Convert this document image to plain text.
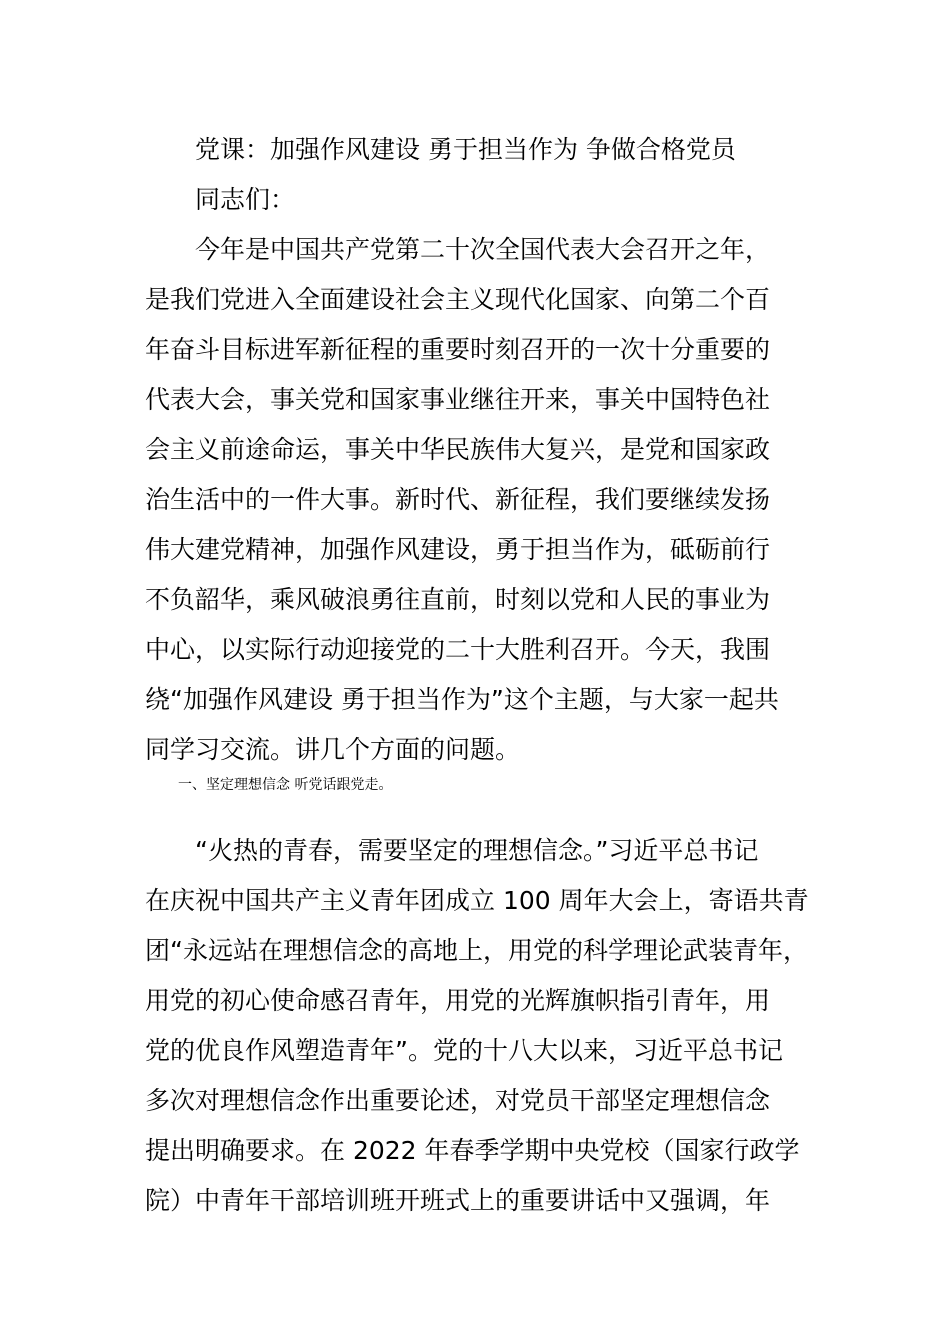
党课：加强作风建设 勇于担当作为 争做合格党员
同志们：
今年是中国共产党第二十次全国代表大会召开之年，
是我们党进入全面建设社会主义现代化国家、向第二个百
年奋斗目标进军新征程的重要时刻召开的一次十分重要的
代表大会，事关党和国家事业继往开来，事关中国特色社
会主义前途命运，事关中华民族伟大复兴，是党和国家政
治生活中的一件大事。新时代、新征程，我们要继续发扬
伟大建党精神，加强作风建设，勇于担当作为，砥砺前行
不负韶华，乘风破浪勇往直前，时刻以党和人民的事业为
中心，以实际行动迎接党的二十大胜利召开。今天，我围
绕“加强作风建设 勇于担当作为”这个主题，与大家一起共
同学习交流。讲几个方面的问题。
一、坚定理想信念 听党话跟党走。
“火热的青春，需要坚定的理想信念。”习近平总书记
在庆祝中国共产主义青年团成立 100 周年大会上，寄语共青
团“永远站在理想信念的高地上，用党的科学理论武装青年，
用党的初心使命感召青年，用党的光辉旗帜指引青年，用
党的优良作风塑造青年”。党的十八大以来，习近平总书记
多次对理想信念作出重要论述，对党员干部坚定理想信念
提出明确要求。在 2022 年春季学期中央党校（国家行政学
院）中青年干部培训班开班式上的重要讲话中又强调，年
